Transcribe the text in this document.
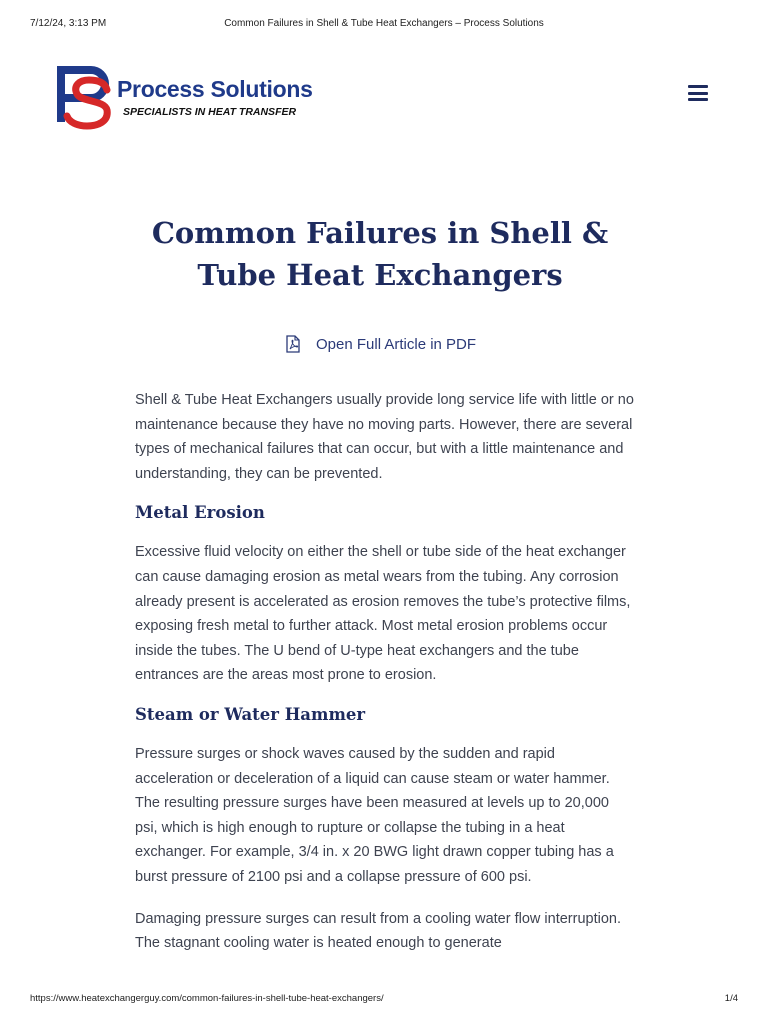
7/12/24, 3:13 PM	Common Failures in Shell & Tube Heat Exchangers – Process Solutions
Process Solutions
SPECIALISTS IN HEAT TRANSFER
Common Failures in Shell & Tube Heat Exchangers
Open Full Article in PDF

Shell & Tube Heat Exchangers usually provide long service life with little or no maintenance because they have no moving parts. However, there are several types of mechanical failures that can occur, but with a little maintenance and understanding, they can be prevented.

Metal Erosion

Excessive fluid velocity on either the shell or tube side of the heat exchanger can cause damaging erosion as metal wears from the tubing. Any corrosion already present is accelerated as erosion removes the tube’s protective films, exposing fresh metal to further attack. Most metal erosion problems occur inside the tubes. The U bend of U-type heat exchangers and the tube entrances are the areas most prone to erosion.

Steam or Water Hammer

Pressure surges or shock waves caused by the sudden and rapid acceleration or deceleration of a liquid can cause steam or water hammer. The resulting pressure surges have been measured at levels up to 20,000 psi, which is high enough to rupture or collapse the tubing in a heat exchanger. For example, 3/4 in. x 20 BWG light drawn copper tubing has a burst pressure of 2100 psi and a collapse pressure of 600 psi.

Damaging pressure surges can result from a cooling water flow interruption. The stagnant cooling water is heated enough to generate

https://www.heatexchangerguy.com/common-failures-in-shell-tube-heat-exchangers/	1/4
